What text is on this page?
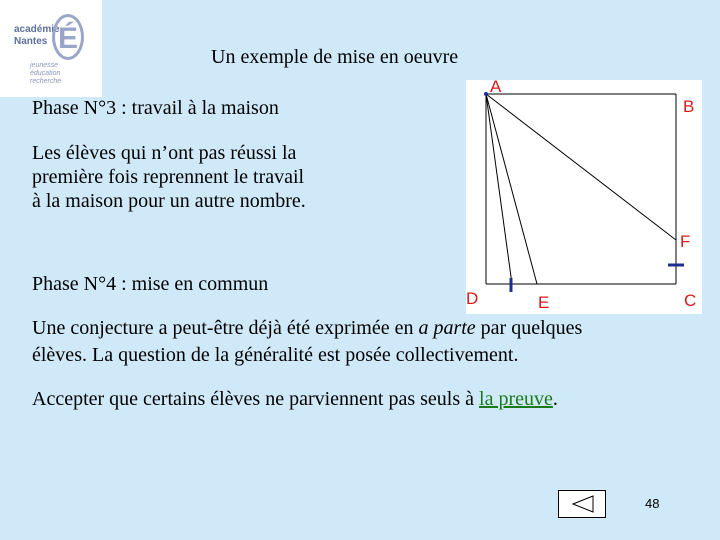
académie
Nantes É
jeunesse
éducation
recherche
Un exemple de mise en oeuvre
Phase N°3 : travail à la maison
Les élèves qui n’ont pas réussi la
première fois reprennent le travail
à la maison pour un autre nombre.
A
B
F
D	E	C
Phase N°4 : mise en commun
Une conjecture a peut-être déjà été exprimée en a parte par quelques
élèves. La question de la généralité est posée collectivement.
Accepter que certains élèves ne parviennent pas seuls à la preuve.
48
